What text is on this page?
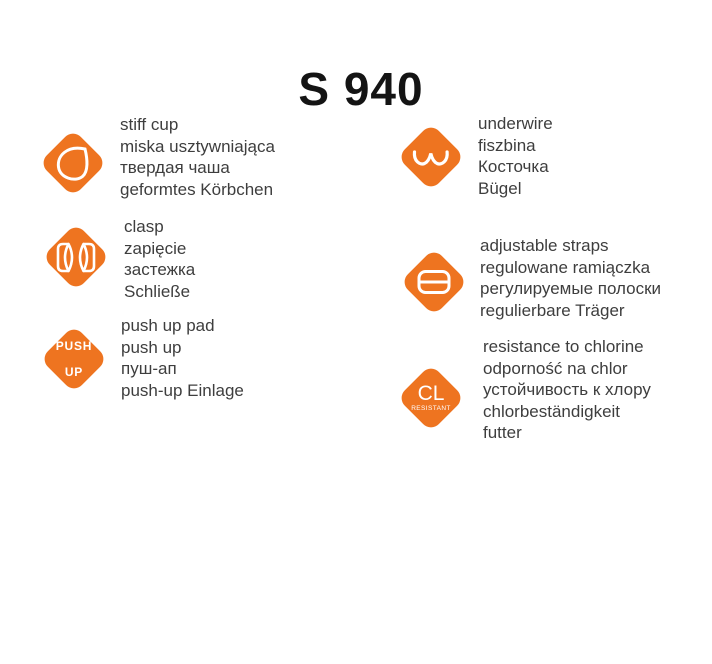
S 940
stiff cup
miska usztywniająca
твердая чаша
geformtes Körbchen
clasp
zapięcie
застежка
Schließe

PUSH

UP

push up pad
push up
пуш-ап
push-up Einlage
underwire
fiszbina
Косточка
Bügel
adjustable straps
regulowane ramiączka
регулируемые полоски
regulierbare Träger
CL
RESISTANT
resistance to chlorine
odporność na chlor
устойчивость к хлору
chlorbeständigkeit
futter
